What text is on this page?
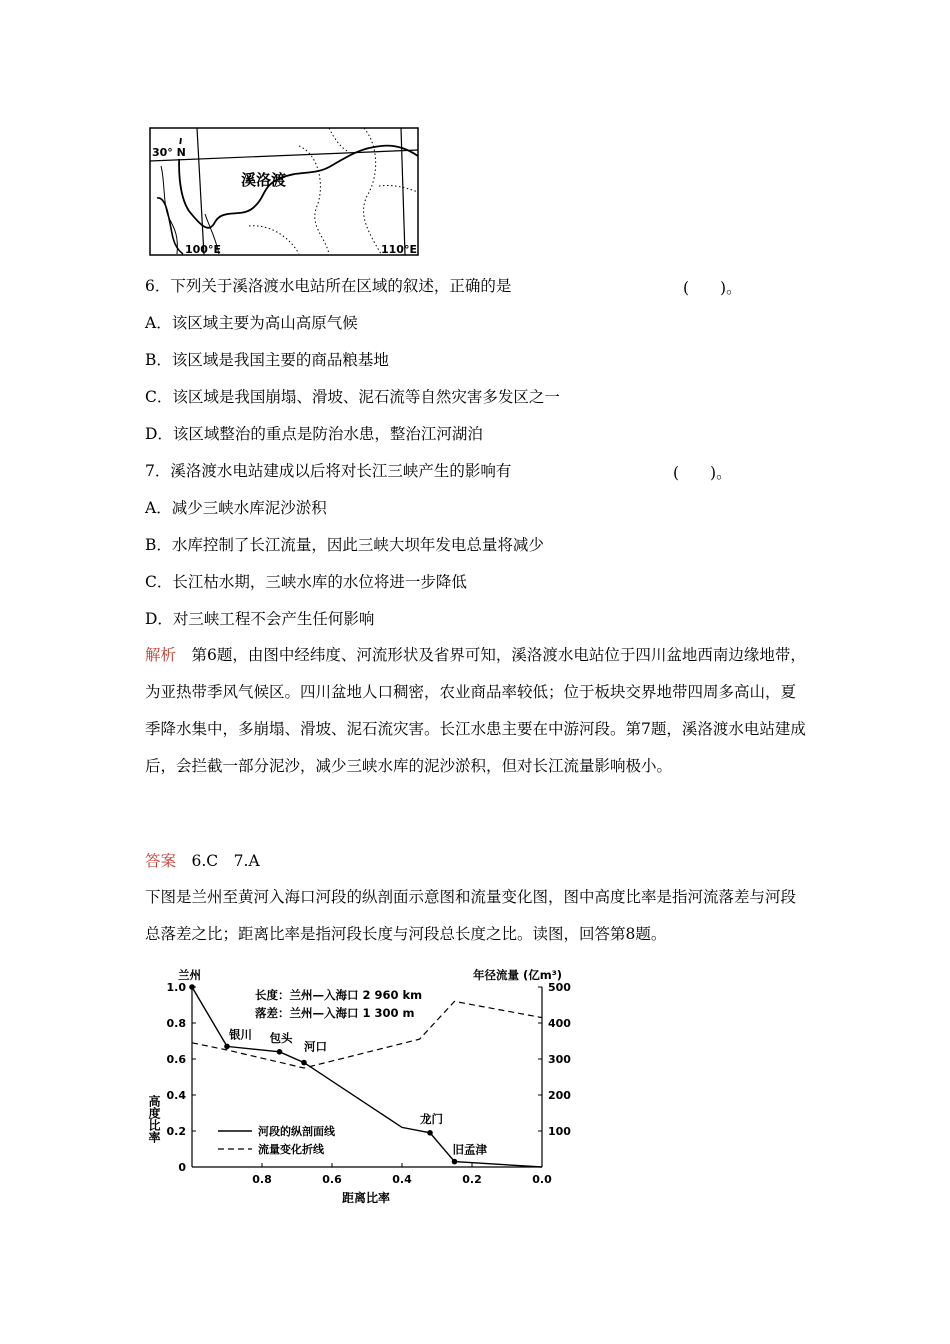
30° N
溪洛渡
100°E	110°E
6．下列关于溪洛渡水电站所在区域的叙述，正确的是	(　　)。
A．该区域主要为高山高原气候
B．该区域是我国主要的商品粮基地
C．该区域是我国崩塌、滑坡、泥石流等自然灾害多发区之一
D．该区域整治的重点是防治水患，整治江河湖泊
7．溪洛渡水电站建成以后将对长江三峡产生的影响有	(　　)。
A．减少三峡水库泥沙淤积
B．水库控制了长江流量，因此三峡大坝年发电总量将减少
C．长江枯水期，三峡水库的水位将进一步降低
D．对三峡工程不会产生任何影响
解析　第6题，由图中经纬度、河流形状及省界可知，溪洛渡水电站位于四川盆地西南边缘地带，为亚热带季风气候区。四川盆地人口稠密，农业商品率较低；位于板块交界地带四周多高山，夏季降水集中，多崩塌、滑坡、泥石流灾害。长江水患主要在中游河段。第7题，溪洛渡水电站建成后，会拦截一部分泥沙，减少三峡水库的泥沙淤积，但对长江流量影响极小。
答案　6.C　7.A
下图是兰州至黄河入海口河段的纵剖面示意图和流量变化图，图中高度比率是指河流落差与河段总落差之比；距离比率是指河段长度与河段总长度之比。读图，回答第8题。
0
0.2
0.4
0.6
0.8
1.0
100
200
300
400
500
0.8	0.6	0.4	0.2	0.0
兰州
银川 包头
河口
龙门
旧孟津
长度：兰州—入海口 2 960 km
落差：兰州—入海口 1 300 m
年径流量 (亿m³)
高度比率
距离比率
河段的纵剖面线
流量变化折线
